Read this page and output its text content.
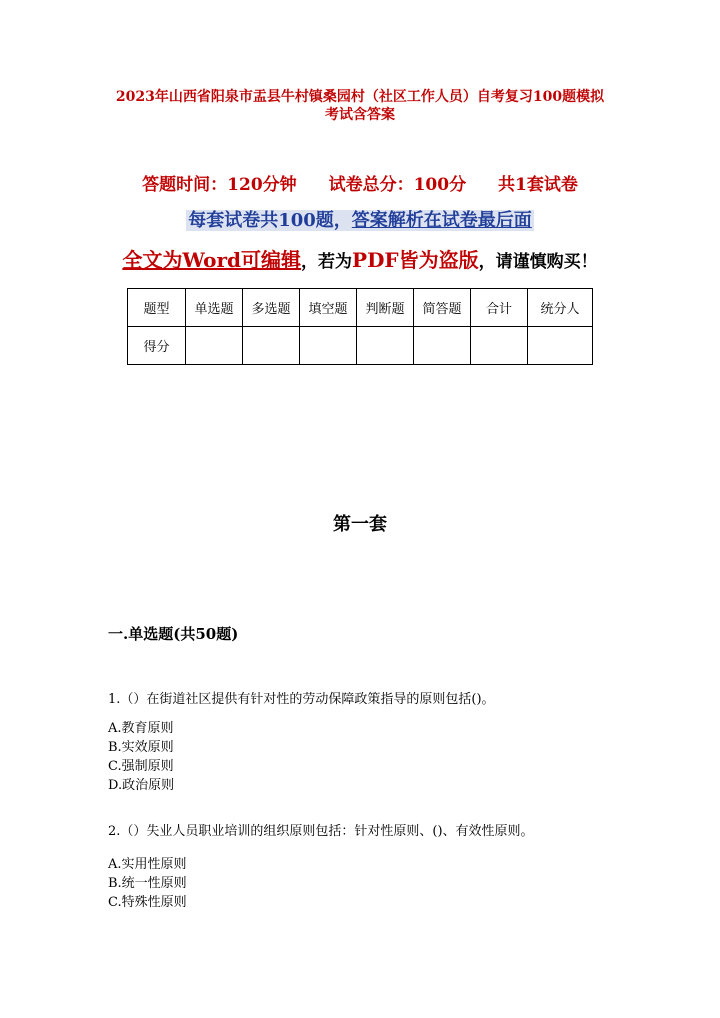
2023年山西省阳泉市盂县牛村镇桑园村（社区工作人员）自考复习100题模拟
考试含答案
答题时间：120分钟 试卷总分：100分 共1套试卷
每套试卷共100题，答案解析在试卷最后面
全文为Word可编辑，若为PDF皆为盗版，请谨慎购买！
题型	单选题	多选题	填空题	判断题	简答题	合计	统分人
得分							
第一套
一.单选题(共50题)
1.（）在街道社区提供有针对性的劳动保障政策指导的原则包括()。
A.教育原则
B.实效原则
C.强制原则
D.政治原则
2.（）失业人员职业培训的组织原则包括：针对性原则、()、有效性原则。
A.实用性原则
B.统一性原则
C.特殊性原则
